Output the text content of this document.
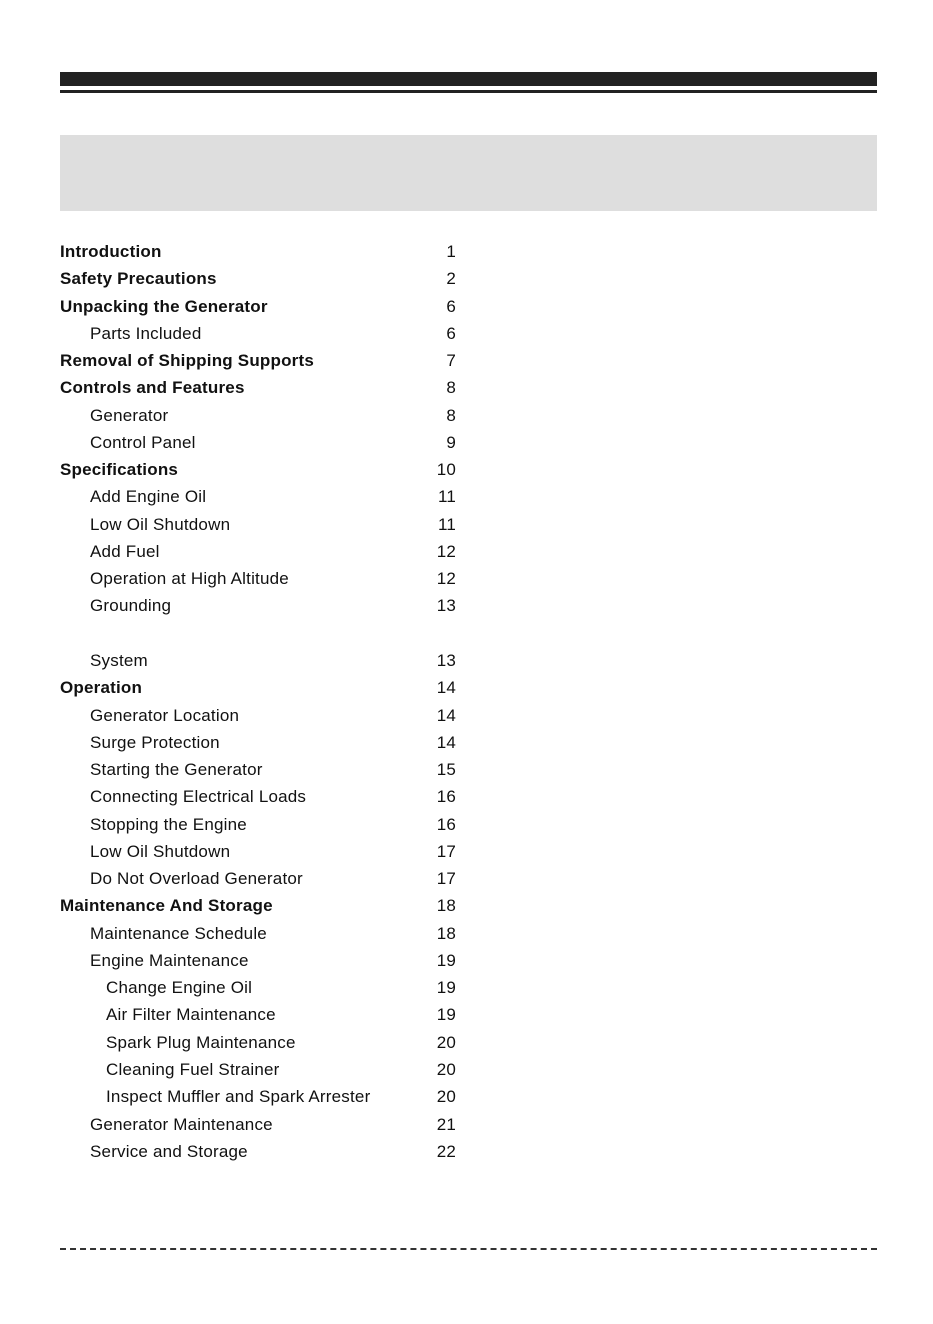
Introduction	1
Safety Precautions	2
Unpacking the Generator	6
Parts Included	6
Removal of Shipping Supports	7
Controls and Features	8
Generator	8
Control Panel	9
Specifications	10
Add Engine Oil	11
Low Oil Shutdown	11
Add Fuel	12
Operation at High Altitude	12
Grounding	13
System	13
Operation	14
Generator Location	14
Surge Protection	14
Starting the Generator	15
Connecting Electrical Loads	16
Stopping the Engine	16
Low Oil Shutdown	17
Do Not Overload Generator	17
Maintenance And Storage	18
Maintenance Schedule	18
Engine Maintenance	19
Change Engine Oil	19
Air Filter Maintenance	19
Spark Plug Maintenance	20
Cleaning Fuel Strainer	20
Inspect Muffler and Spark Arrester	20
Generator Maintenance	21
Service and Storage	22
